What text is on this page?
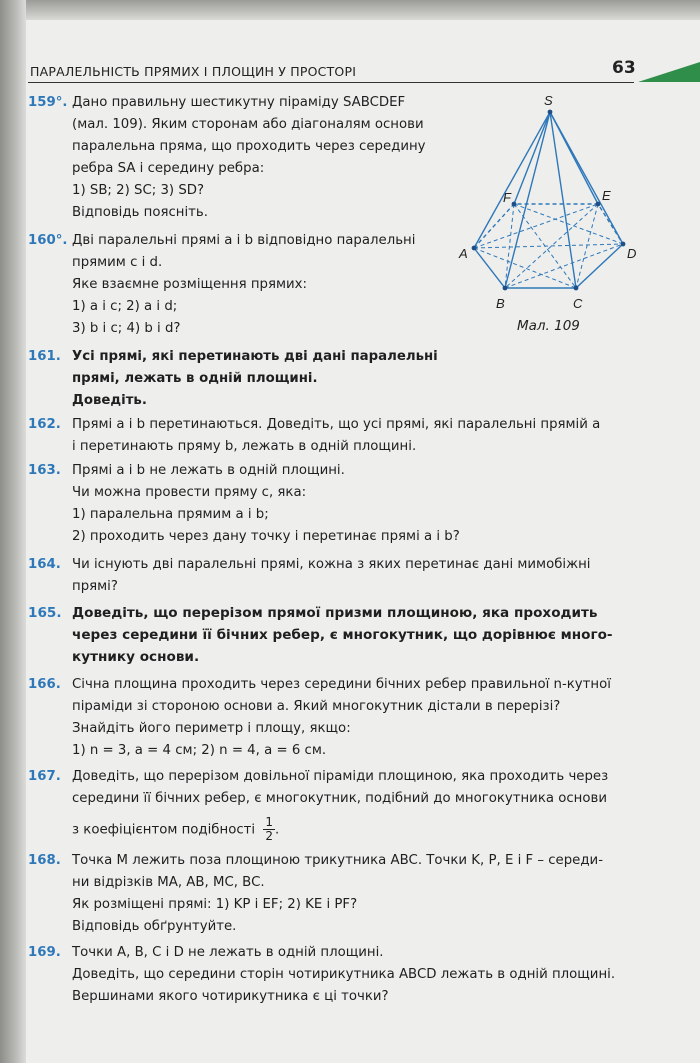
ПАРАЛЕЛЬНІСТЬ ПРЯМИХ І ПЛОЩИН У ПРОСТОРІ	63
159°. Дано правильну шестикутну піраміду SABCDEF
(мал. 109). Яким сторонам або діагоналям основи
паралельна пряма, що проходить через середину
ребра SA і середину ребра:
1) SB; 2) SC; 3) SD?
Відповідь поясніть.
160°. Дві паралельні прямі a і b відповідно паралельні
прямим c і d.
Яке взаємне розміщення прямих:
1) a і c; 2) a і d;
3) b і c; 4) b і d?
161. Усі прямі, які перетинають дві дані паралельні
прямі, лежать в одній площині.
Доведіть.
162. Прямі a і b перетинаються. Доведіть, що усі прямі, які паралельні прямій a
і перетинають пряму b, лежать в одній площині.
163. Прямі a і b не лежать в одній площині.
Чи можна провести пряму c, яка:
1) паралельна прямим a і b;
2) проходить через дану точку і перетинає прямі a і b?
164. Чи існують дві паралельні прямі, кожна з яких перетинає дані мимобіжні
прямі?
165. Доведіть, що перерізом прямої призми площиною, яка проходить
через середини її бічних ребер, є многокутник, що дорівнює много-
кутнику основи.
166. Січна площина проходить через середини бічних ребер правильної n-кутної
піраміди зі стороною основи a. Який многокутник дістали в перерізі?
Знайдіть його периметр і площу, якщо:
1) n = 3, a = 4 см; 2) n = 4, a = 6 см.
167. Доведіть, що перерізом довільної піраміди площиною, яка проходить через
середини її бічних ребер, є многокутник, подібний до многокутника основи
з коефіцієнтом подібності $\frac{1}{2}$ .
168. Точка M лежить поза площиною трикутника ABC. Точки K, P, E і F – середи-
ни відрізків MA, AB, MC, BC.
Як розміщені прямі: 1) KP і EF; 2) KE і PF?
Відповідь обґрунтуйте.
169. Точки A, B, C і D не лежать в одній площині.
Доведіть, що середини сторін чотирикутника ABCD лежать в одній площині.
Вершинами якого чотирикутника є ці точки?
S
F	E
A	D
B	C
Мал. 109
